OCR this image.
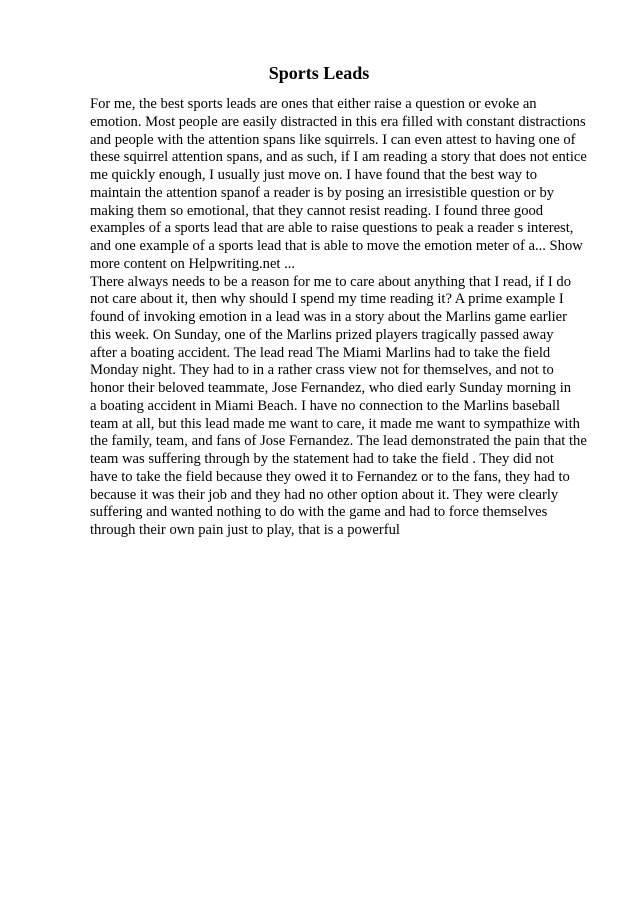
Sports Leads
For me, the best sports leads are ones that either raise a question or evoke an
emotion. Most people are easily distracted in this era filled with constant distractions
and people with the attention spans like squirrels. I can even attest to having one of
these squirrel attention spans, and as such, if I am reading a story that does not entice
me quickly enough, I usually just move on. I have found that the best way to
maintain the attention spanof a reader is by posing an irresistible question or by
making them so emotional, that they cannot resist reading. I found three good
examples of a sports lead that are able to raise questions to peak a reader s interest,
and one example of a sports lead that is able to move the emotion meter of a... Show
more content on Helpwriting.net ...
There always needs to be a reason for me to care about anything that I read, if I do
not care about it, then why should I spend my time reading it? A prime example I
found of invoking emotion in a lead was in a story about the Marlins game earlier
this week. On Sunday, one of the Marlins prized players tragically passed away
after a boating accident. The lead read The Miami Marlins had to take the field
Monday night. They had to in a rather crass view not for themselves, and not to
honor their beloved teammate, Jose Fernandez, who died early Sunday morning in
a boating accident in Miami Beach. I have no connection to the Marlins baseball
team at all, but this lead made me want to care, it made me want to sympathize with
the family, team, and fans of Jose Fernandez. The lead demonstrated the pain that the
team was suffering through by the statement had to take the field . They did not
have to take the field because they owed it to Fernandez or to the fans, they had to
because it was their job and they had no other option about it. They were clearly
suffering and wanted nothing to do with the game and had to force themselves
through their own pain just to play, that is a powerful
